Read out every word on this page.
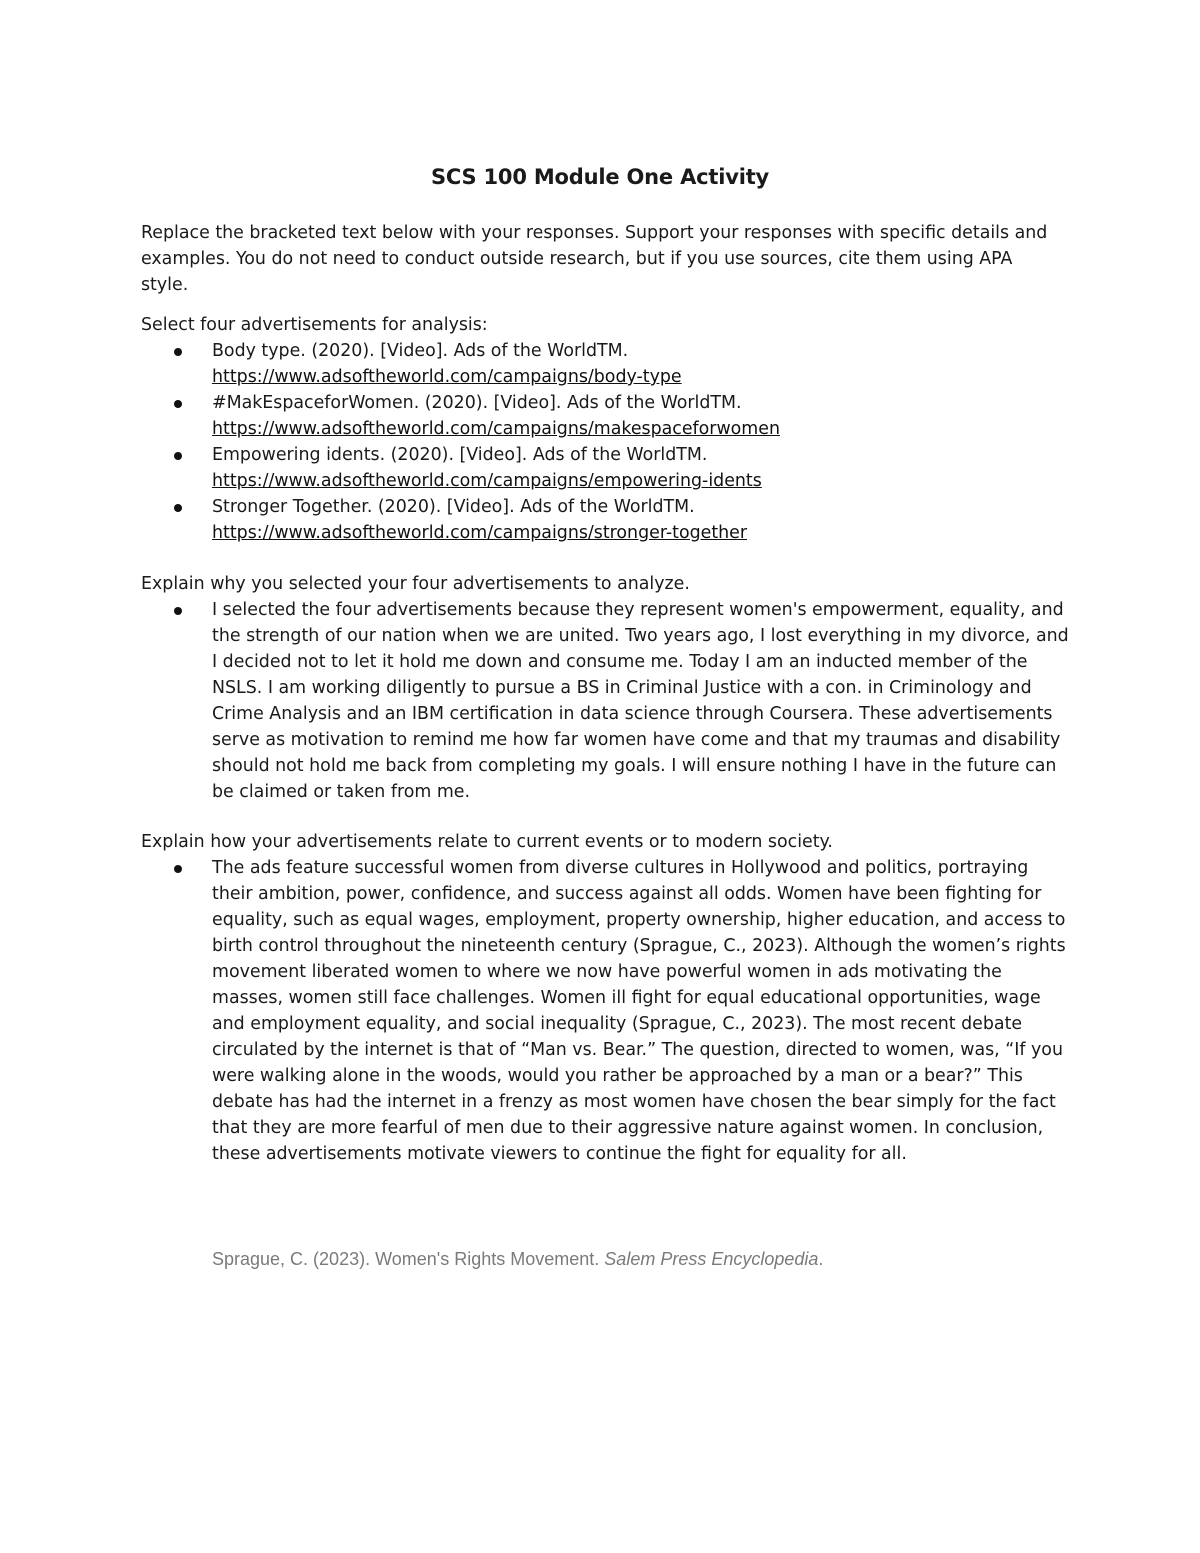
SCS 100 Module One Activity
Replace the bracketed text below with your responses. Support your responses with specific details and examples. You do not need to conduct outside research, but if you use sources, cite them using APA style.
Select four advertisements for analysis:
Body type. (2020). [Video]. Ads of the WorldTM.
https://www.adsoftheworld.com/campaigns/body-type
#MakEspaceforWomen. (2020). [Video]. Ads of the WorldTM.
https://www.adsoftheworld.com/campaigns/makespaceforwomen
Empowering idents. (2020). [Video]. Ads of the WorldTM.
https://www.adsoftheworld.com/campaigns/empowering-idents
Stronger Together. (2020). [Video]. Ads of the WorldTM.
https://www.adsoftheworld.com/campaigns/stronger-together
Explain why you selected your four advertisements to analyze.
I selected the four advertisements because they represent women's empowerment, equality, and the strength of our nation when we are united. Two years ago, I lost everything in my divorce, and I decided not to let it hold me down and consume me. Today I am an inducted member of the NSLS. I am working diligently to pursue a BS in Criminal Justice with a con. in Criminology and Crime Analysis and an IBM certification in data science through Coursera. These advertisements serve as motivation to remind me how far women have come and that my traumas and disability should not hold me back from completing my goals. I will ensure nothing I have in the future can be claimed or taken from me.
Explain how your advertisements relate to current events or to modern society.
The ads feature successful women from diverse cultures in Hollywood and politics, portraying their ambition, power, confidence, and success against all odds. Women have been fighting for equality, such as equal wages, employment, property ownership, higher education, and access to birth control throughout the nineteenth century (Sprague, C., 2023). Although the women’s rights movement liberated women to where we now have powerful women in ads motivating the masses, women still face challenges. Women ill fight for equal educational opportunities, wage and employment equality, and social inequality (Sprague, C., 2023). The most recent debate circulated by the internet is that of “Man vs. Bear.” The question, directed to women, was, “If you were walking alone in the woods, would you rather be approached by a man or a bear?” This debate has had the internet in a frenzy as most women have chosen the bear simply for the fact that they are more fearful of men due to their aggressive nature against women. In conclusion, these advertisements motivate viewers to continue the fight for equality for all.
Sprague, C. (2023). Women's Rights Movement. Salem Press Encyclopedia.
